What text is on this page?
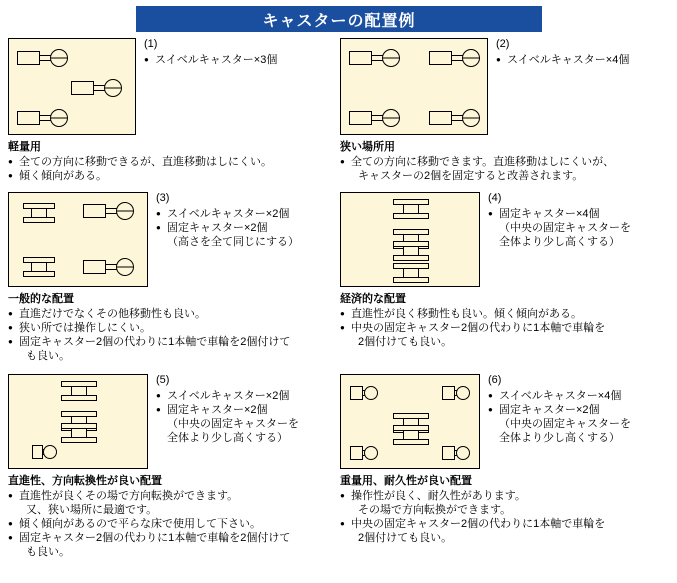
キャスターの配置例
(1)
● スイベルキャスター×3個
軽量用
● 全ての方向に移動できるが、直進移動はしにくい。
● 傾く傾向がある。
(2)
● スイベルキャスター×4個
狭い場所用
● 全ての方向に移動できます。直進移動はしにくいが、
キャスターの2個を固定すると改善されます。
(3)
● スイベルキャスター×2個
● 固定キャスター×2個
（高さを全て同じにする）
一般的な配置
● 直進だけでなくその他移動性も良い。
● 狭い所では操作しにくい。
● 固定キャスター2個の代わりに1本軸で車輪を2個付けて
も良い。
(4)
● 固定キャスター×4個
（中央の固定キャスターを
全体より少し高くする）
経済的な配置
● 直進性が良く移動性も良い。傾く傾向がある。
● 中央の固定キャスター2個の代わりに1本軸で車輪を
2個付けても良い。
(5)
● スイベルキャスター×2個
● 固定キャスター×2個
（中央の固定キャスターを
全体より少し高くする）
直進性、方向転換性が良い配置
● 直進性が良くその場で方向転換ができます。
又、狭い場所に最適です。
● 傾く傾向があるので平らな床で使用して下さい。
● 固定キャスター2個の代わりに1本軸で車輪を2個付けて
も良い。
(6)
● スイベルキャスター×4個
● 固定キャスター×2個
（中央の固定キャスターを
全体より少し高くする）
重量用、耐久性が良い配置
● 操作性が良く、耐久性があります。
その場で方向転換ができます。
● 中央の固定キャスター2個の代わりに1本軸で車輪を
2個付けても良い。
